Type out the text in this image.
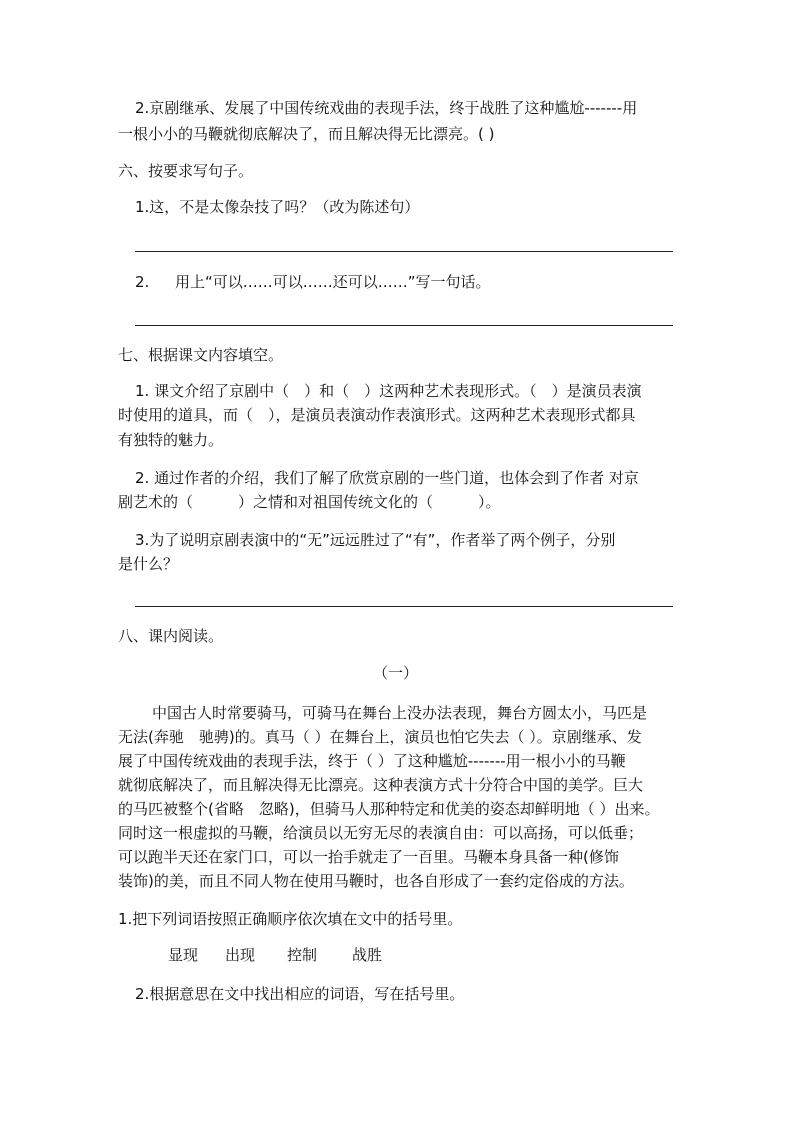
2.京剧继承、发展了中国传统戏曲的表现手法，终于战胜了这种尴尬-------用
一根小小的马鞭就彻底解决了，而且解决得无比漂亮。( )
六、按要求写句子。
1.这，不是太像杂技了吗？（改为陈述句）
2. 用上“可以……可以……还可以……”写一句话。
七、根据课文内容填空。
1. 课文介绍了京剧中（　）和（　）这两种艺术表现形式。（　）是演员表演
时使用的道具，而（　），是演员表演动作表演形式。这两种艺术表现形式都具
有独特的魅力。
2. 通过作者的介绍，我们了解了欣赏京剧的一些门道，也体会到了作者 对京
剧艺术的（　　　）之情和对祖国传统文化的（　　　）。
3.为了说明京剧表演中的“无”远远胜过了“有”，作者举了两个例子，分别
是什么？
八、课内阅读。
（一）
中国古人时常要骑马，可骑马在舞台上没办法表现，舞台方圆太小，马匹是
无法(奔驰　驰骋)的。真马（ ）在舞台上，演员也怕它失去（ ）。京剧继承、发
展了中国传统戏曲的表现手法，终于（ ）了这种尴尬-------用一根小小的马鞭
就彻底解决了，而且解决得无比漂亮。这种表演方式十分符合中国的美学。巨大
的马匹被整个(省略　忽略)，但骑马人那种特定和优美的姿态却鲜明地（ ）出来。
同时这一根虚拟的马鞭，给演员以无穷无尽的表演自由：可以高扬，可以低垂；
可以跑半天还在家门口，可以一抬手就走了一百里。马鞭本身具备一种(修饰
装饰)的美，而且不同人物在使用马鞭时，也各自形成了一套约定俗成的方法。
1.把下列词语按照正确顺序依次填在文中的括号里。
显现 出现 控制 战胜
2.根据意思在文中找出相应的词语，写在括号里。
